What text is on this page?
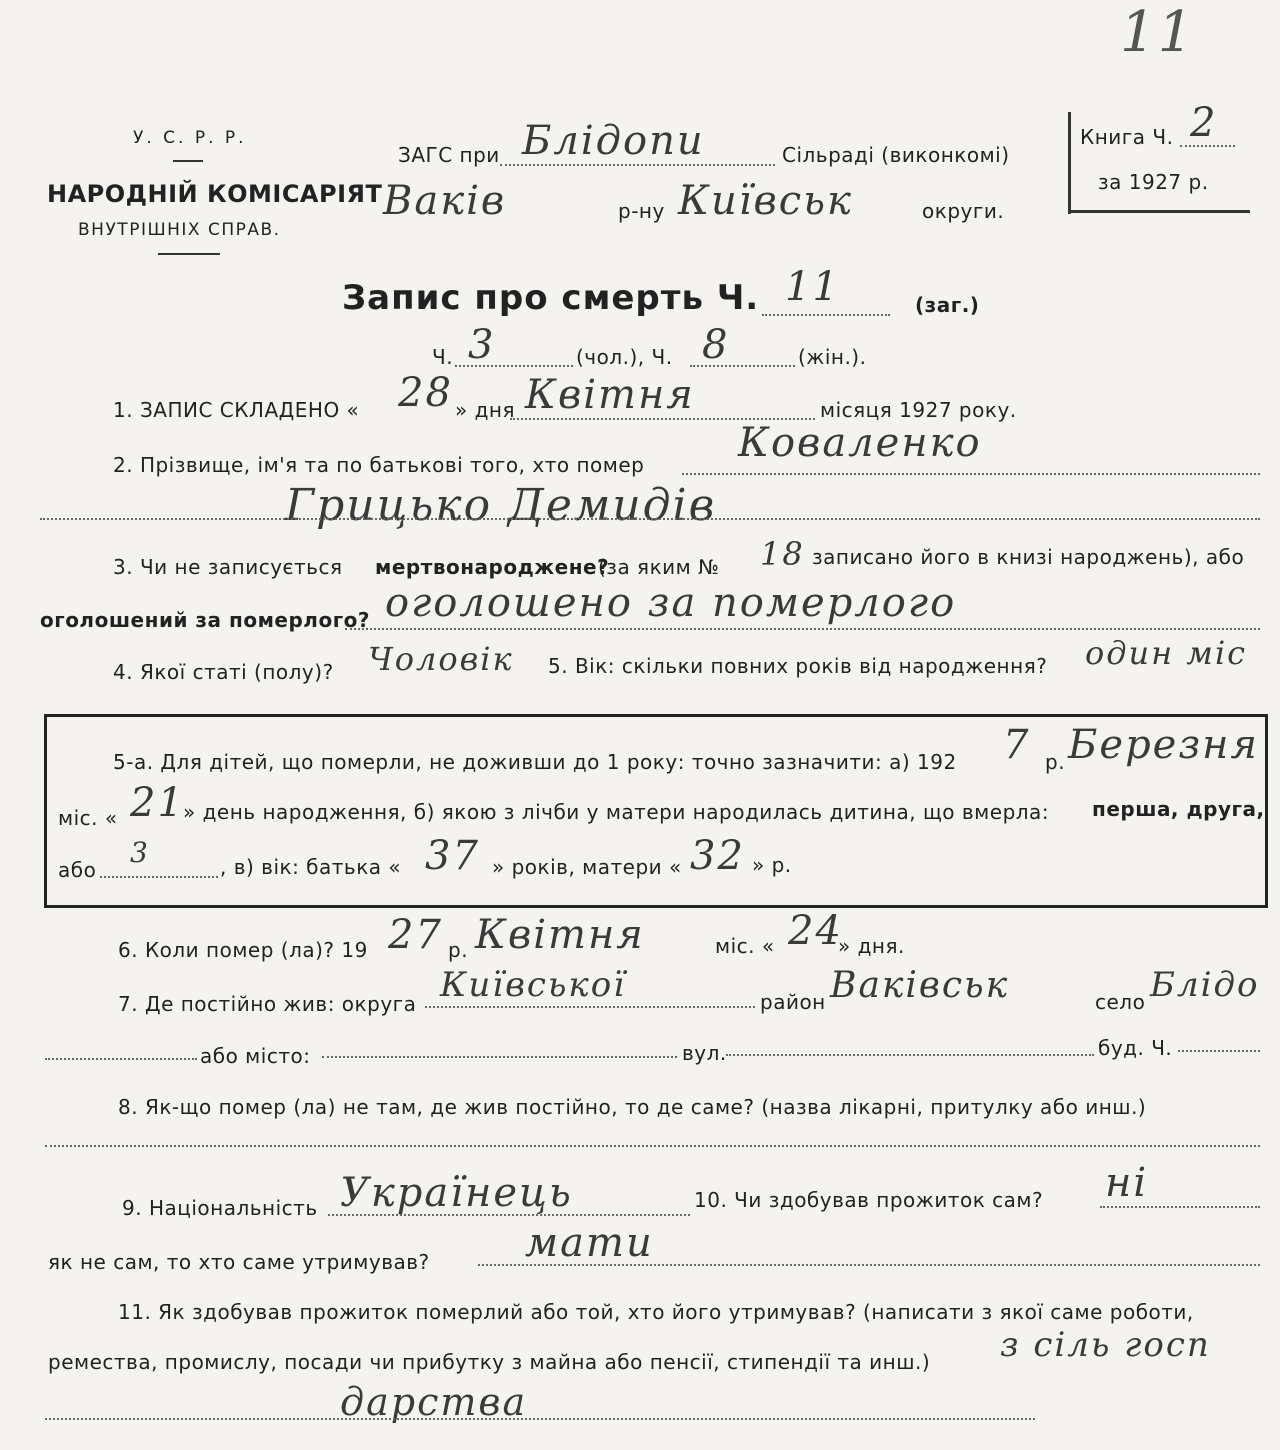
11
У. С. Р. Р.
НАРОДНІЙ КОМІСАРІЯТ
ВНУТРІШНІХ СПРАВ.
ЗАГС при Блідопи	Сільраді (виконкомі)
Ваків	р-ну Київськ	округи.
Книга Ч. 2
за 1927 р.
Запис про смерть Ч. 11	(заг.)
Ч. 3	(чол.), Ч. 8	(жін.).
1. ЗАПИС СКЛАДЕНО « 28 » дня Квітня	місяця 1927 року.
2. Прізвище, ім'я та по батькові того, хто помер Коваленко
Грицько Демидів
3. Чи не записується мертвонароджене?
(за яким № 18 записано його в книзі народжень), або
оголошений за померлого? оголошено за померлого
4. Якої статі (полу)? Чоловік 5. Вік: скільки повних років від народження? один міс
5-а. Для дітей, що померли, не доживши до 1 року: точно зазначити: а) 192 7 р. Березня
міс. « 21
» день народження, б) якою з лічби у матери народилась дитина, що вмерла: перша, друга,
або
3	, в) вік: батька « 37 » років, матери « 32 » р.
6. Коли помер (ла)? 19 27 р. Квітня	міс. « 24
» дня.
7. Де постійно жив: округа Київської	район Ваківськ	село Блідо
або місто:	вул.	буд. Ч.
8. Як-що помер (ла) не там, де жив постійно, то де саме? (назва лікарні, притулку або инш.)
9. Національність Українець	10. Чи здобував прожиток сам? ні
як не сам, то хто саме утримував? мати
11. Як здобував прожиток померлий або той, хто його утримував? (написати з якої саме роботи,
ремества, промислу, посади чи прибутку з майна або пенсії, стипендії та инш.) з сіль госп
дарства
